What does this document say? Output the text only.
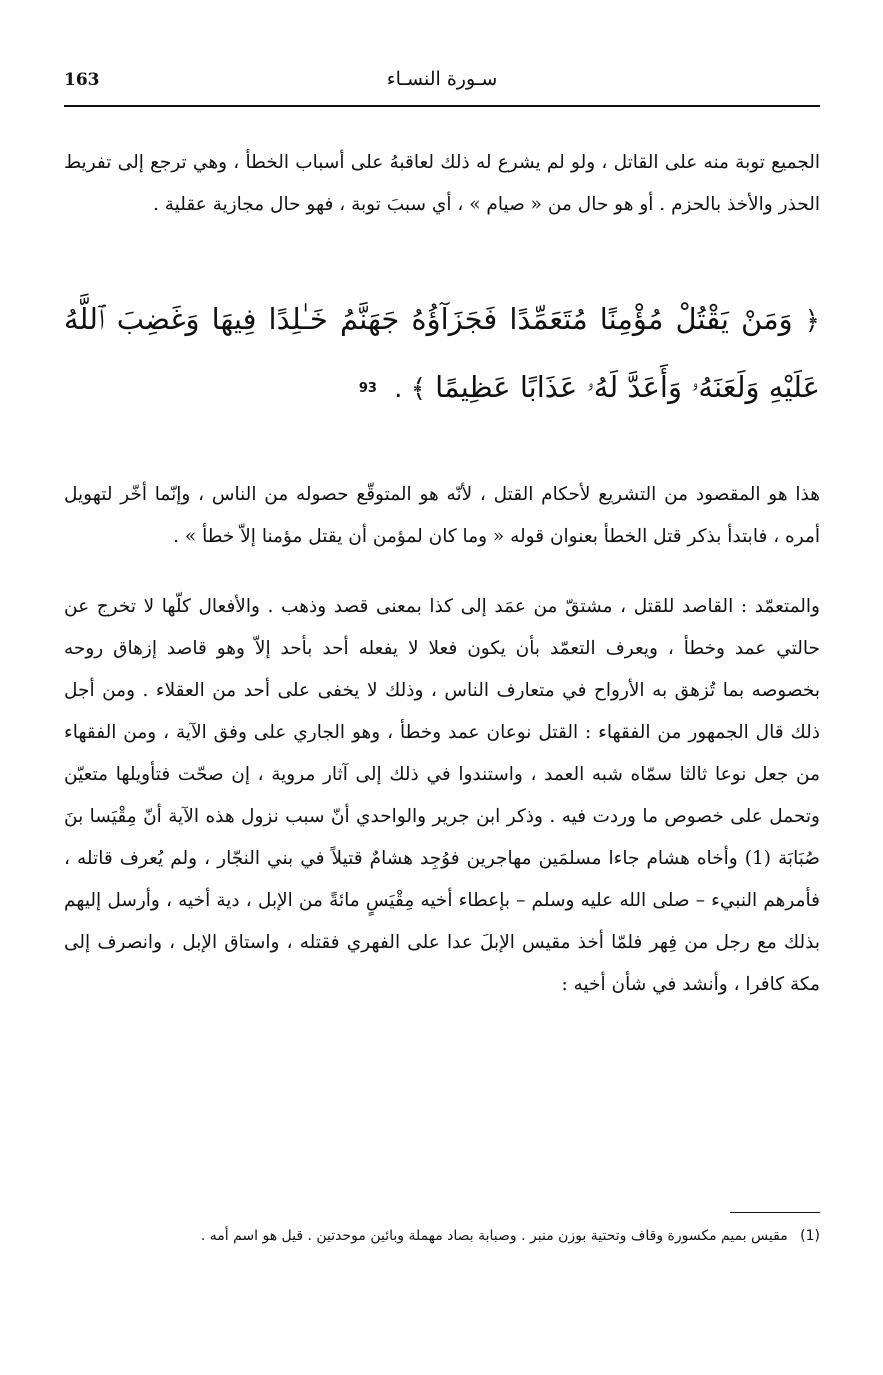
163	سـورة النسـاء

الجميع توبة منه على القاتل ، ولو لم يشرع له ذلك لعاقبهُ على أسباب الخطأ ، وهي ترجع إلى تفريط الحذر والأخذ بالحزم . أو هو حال من « صيام » ، أي سببَ توبة ، فهو حال مجازية عقلية .

﴿ وَمَنْ يَقْتُلْ مُؤْمِنًا مُتَعَمِّدًا فَجَزَآؤُهُ جَهَنَّمُ خَـٰلِدًا فِيهَا وَغَضِبَ ٱللَّهُ عَلَيْهِ وَلَعَنَهُۥ وَأَعَدَّ لَهُۥ عَذَابًا عَظِيمًا ﴾ . 93

هذا هو المقصود من التشريع لأحكام القتل ، لأنّه هو المتوقّع حصوله من الناس ، وإنّما أخّر لتهويل أمره ، فابتدأ بذكر قتل الخطأ بعنوان قوله « وما كان لمؤمن أن يقتل مؤمنا إلاّ خطأ » .

والمتعمّد : القاصد للقتل ، مشتقّ من عمَد إلى كذا بمعنى قصد وذهب . والأفعال كلّها لا تخرج عن حالتي عمد وخطأ ، ويعرف التعمّد بأن يكون فعلا لا يفعله أحد بأحد إلاّ وهو قاصد إزهاق روحه بخصوصه بما تُزهق به الأرواح في متعارف الناس ، وذلك لا يخفى على أحد من العقلاء . ومن أجل ذلك قال الجمهور من الفقهاء : القتل نوعان عمد وخطأ ، وهو الجاري على وفق الآية ، ومن الفقهاء من جعل نوعا ثالثا سمّاه شبه العمد ، واستندوا في ذلك إلى آثار مروية ، إن صحّت فتأويلها متعيّن وتحمل على خصوص ما وردت فيه . وذكر ابن جرير والواحدي أنّ سبب نزول هذه الآية أنّ مِقْيَسا بنَ صُبَابَة (1) وأخاه هشام جاءا مسلمَين مهاجرين فوُجِد هشامٌ قتيلاً في بني النجّار ، ولم يُعرف قاتله ، فأمرهم النبيء – صلى الله عليه وسلم – بإعطاء أخيه مِقْيَسٍ مائةً من الإبل ، دية أخيه ، وأرسل إليهم بذلك مع رجل من فِهر فلمّا أخذ مقيس الإبلَ عدا على الفهري فقتله ، واستاق الإبل ، وانصرف إلى مكة كافرا ، وأنشد في شأن أخيه :

(1) مقيس بميم مكسورة وقاف وتحتية بوزن منبر . وصبابة بصاد مهملة وبائين موحدتين . قيل هو اسم أمه .
